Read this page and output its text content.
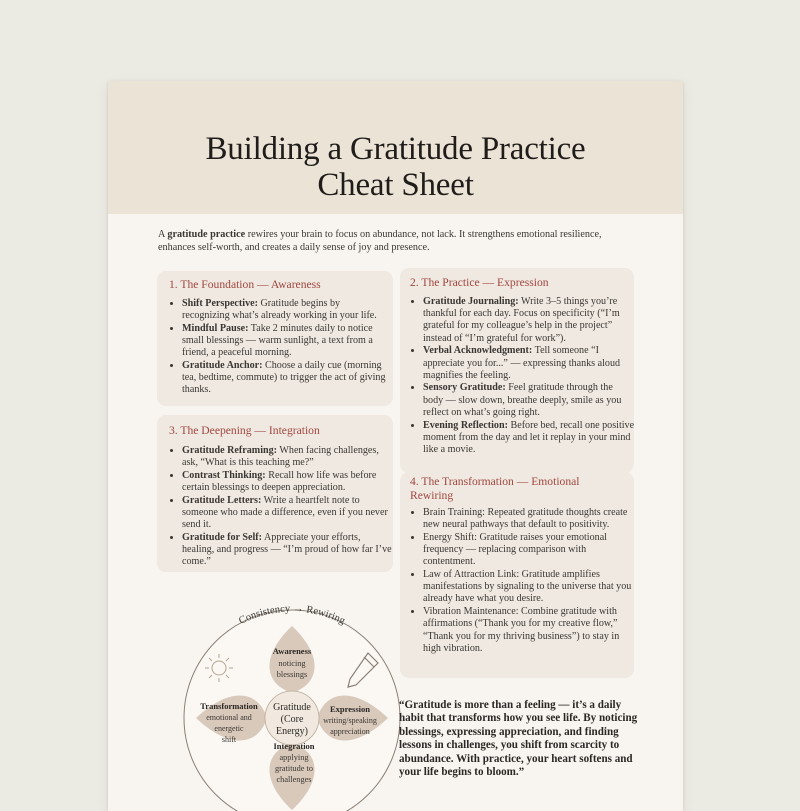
Building a Gratitude Practice
Cheat Sheet
A gratitude practice rewires your brain to focus on abundance, not lack. It strengthens emotional resilience, enhances self-worth, and creates a daily sense of joy and presence.
1. The Foundation — Awareness
• Shift Perspective: Gratitude begins by recognizing what’s already working in your life.
• Mindful Pause: Take 2 minutes daily to notice small blessings — warm sunlight, a text from a friend, a peaceful morning.
• Gratitude Anchor: Choose a daily cue (morning tea, bedtime, commute) to trigger the act of giving thanks.
2. The Practice — Expression
• Gratitude Journaling: Write 3–5 things you’re thankful for each day. Focus on specificity (“I’m grateful for my colleague’s help in the project” instead of “I’m grateful for work”).
• Verbal Acknowledgment: Tell someone “I appreciate you for...” — expressing thanks aloud magnifies the feeling.
• Sensory Gratitude: Feel gratitude through the body — slow down, breathe deeply, smile as you reflect on what’s going right.
• Evening Reflection: Before bed, recall one positive moment from the day and let it replay in your mind like a movie.
3. The Deepening — Integration
• Gratitude Reframing: When facing challenges, ask, “What is this teaching me?”
• Contrast Thinking: Recall how life was before certain blessings to deepen appreciation.
• Gratitude Letters: Write a heartfelt note to someone who made a difference, even if you never send it.
• Gratitude for Self: Appreciate your efforts, healing, and progress — “I’m proud of how far I’ve come.”
4. The Transformation — Emotional Rewiring
• Brain Training: Repeated gratitude thoughts create new neural pathways that default to positivity.
• Energy Shift: Gratitude raises your emotional frequency — replacing comparison with contentment.
• Law of Attraction Link: Gratitude amplifies manifestations by signaling to the universe that you already have what you desire.
• Vibration Maintenance: Combine gratitude with affirmations (“Thank you for my creative flow,” “Thank you for my thriving business”) to stay in high vibration.
Consistency → Rewiring
Gratitude
(Core
Energy)
Awareness
noticing
blessings
Expression
writing/speaking
appreciation
Transformation
emotional and
energetic
shift
“Gratitude is more than a feeling — it’s a daily habit that transforms how you see life. By noticing blessings, expressing appreciation, and finding lessons in challenges, you shift from scarcity to abundance. With practice, your heart softens and your life begins to bloom.”
Integration
applying
gratitude to
challenges
